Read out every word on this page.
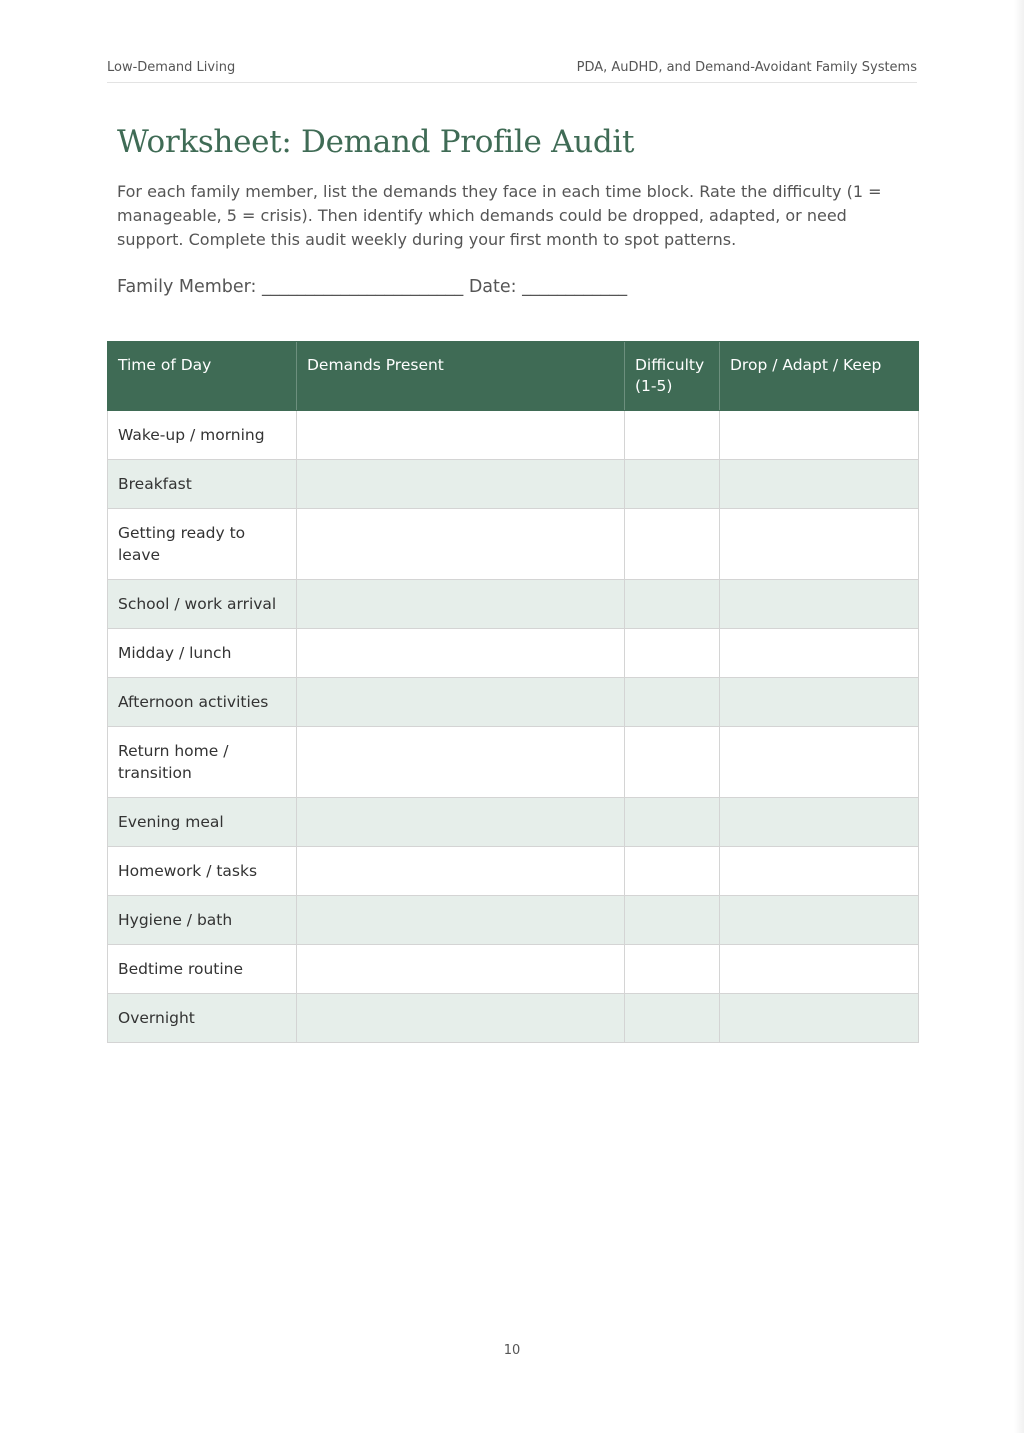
Low-Demand Living	PDA, AuDHD, and Demand-Avoidant Family Systems
Worksheet: Demand Profile Audit

For each family member, list the demands they face in each time block. Rate the difficulty (1 = manageable, 5 = crisis). Then identify which demands could be dropped, adapted, or need support. Complete this audit weekly during your first month to spot patterns.

Family Member: _______________________ Date: ____________
Time of Day	Demands Present	Difficulty (1-5)	Drop / Adapt / Keep
Wake-up / morning			
Breakfast			
Getting ready to leave			
School / work arrival			
Midday / lunch			
Afternoon activities			
Return home / transition			
Evening meal			
Homework / tasks			
Hygiene / bath			
Bedtime routine			
Overnight			
10
